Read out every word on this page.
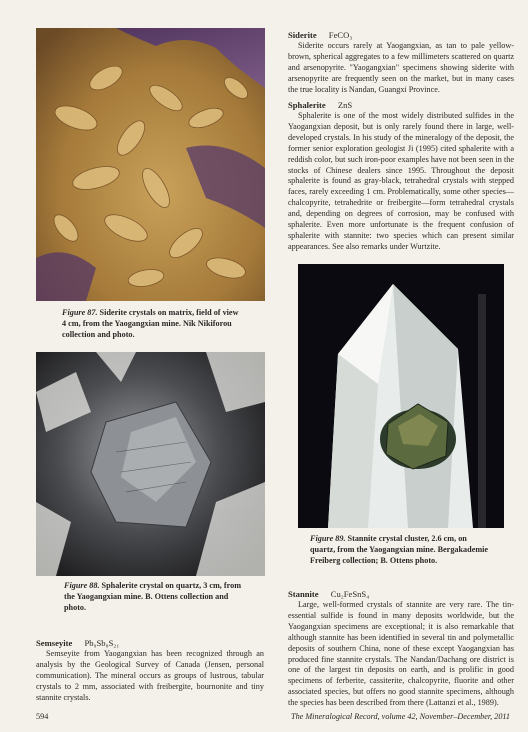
Figure 87. Siderite crystals on matrix, field of view 4 cm, from the Yaogangxian mine. Nik Nikiforou collection and photo.
Figure 88. Sphalerite crystal on quartz, 3 cm, from the Yaogangxian mine. B. Ottens collection and photo.
Figure 89. Stannite crystal cluster, 2.6 cm, on quartz, from the Yaogangxian mine. Bergakademie Freiberg collection; B. Ottens photo.
Siderite FeCO₃
Siderite occurs rarely at Yaogangxian, as tan to pale yellow-brown, spherical aggregates to a few millimeters scattered on quartz and arsenopyrite. "Yaogangxian" specimens showing siderite with arsenopyrite are frequently seen on the market, but in many cases the true locality is Nandan, Guangxi Province.
Sphalerite ZnS
Sphalerite is one of the most widely distributed sulfides in the Yaogangxian deposit, but is only rarely found there in large, well-developed crystals. In his study of the mineralogy of the deposit, the former senior exploration geologist Ji (1995) cited sphalerite with a reddish color, but such iron-poor examples have not been seen in the stocks of Chinese dealers since 1995. Throughout the deposit sphalerite is found as gray-black, tetrahedral crystals with stepped faces, rarely exceeding 1 cm. Problematically, some other species—chalcopyrite, tetrahedrite or freibergite—form tetrahedral crystals and, depending on degrees of corrosion, may be confused with sphalerite. Even more unfortunate is the frequent confusion of sphalerite with stannite: two species which can present similar appearances. See also remarks under Wurtzite.
Semseyite Pb₉Sb₈S₂₁
Semseyite from Yaogangxian has been recognized through an analysis by the Geological Survey of Canada (Jensen, personal communication). The mineral occurs as groups of lustrous, tabular crystals to 2 mm, associated with freibergite, bournonite and tiny stannite crystals.
Stannite Cu₂FeSnS₄
Large, well-formed crystals of stannite are very rare. The tin-essential sulfide is found in many deposits worldwide, but the Yaogangxian specimens are exceptional; it is also remarkable that although stannite has been identified in several tin and polymetallic deposits of southern China, none of these except Yaogangxian has produced fine stannite crystals. The Nandan/Dachang ore district is one of the largest tin deposits on earth, and is prolific in good specimens of ferberite, cassiterite, chalcopyrite, fluorite and other associated species, but offers no good stannite specimens, although the species has been described from there (Lattanzi et al., 1989).
594	The Mineralogical Record, volume 42, November–December, 2011
